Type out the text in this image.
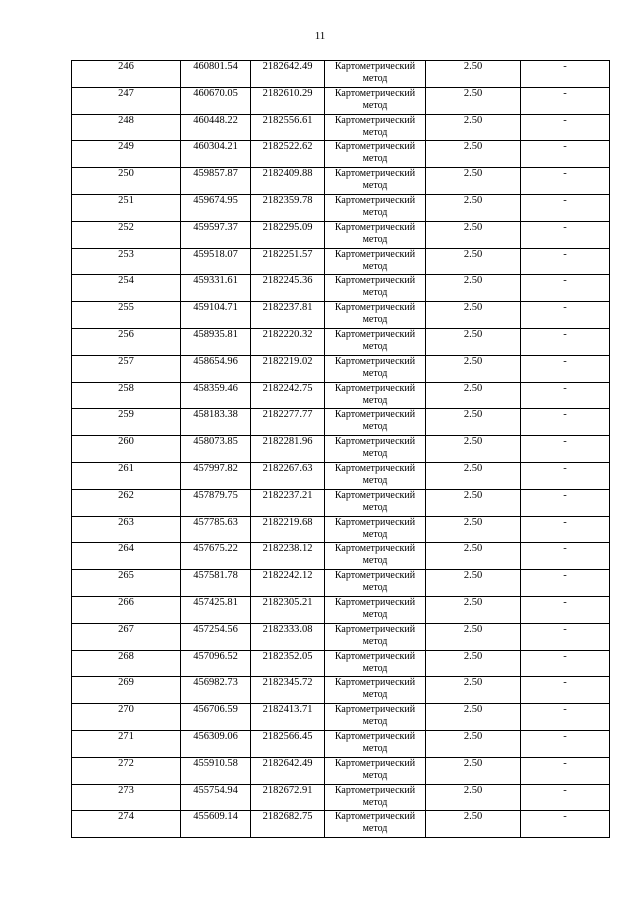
11
246	460801.54	2182642.49	Картометрический метод	2.50	-
247	460670.05	2182610.29	Картометрический метод	2.50	-
248	460448.22	2182556.61	Картометрический метод	2.50	-
249	460304.21	2182522.62	Картометрический метод	2.50	-
250	459857.87	2182409.88	Картометрический метод	2.50	-
251	459674.95	2182359.78	Картометрический метод	2.50	-
252	459597.37	2182295.09	Картометрический метод	2.50	-
253	459518.07	2182251.57	Картометрический метод	2.50	-
254	459331.61	2182245.36	Картометрический метод	2.50	-
255	459104.71	2182237.81	Картометрический метод	2.50	-
256	458935.81	2182220.32	Картометрический метод	2.50	-
257	458654.96	2182219.02	Картометрический метод	2.50	-
258	458359.46	2182242.75	Картометрический метод	2.50	-
259	458183.38	2182277.77	Картометрический метод	2.50	-
260	458073.85	2182281.96	Картометрический метод	2.50	-
261	457997.82	2182267.63	Картометрический метод	2.50	-
262	457879.75	2182237.21	Картометрический метод	2.50	-
263	457785.63	2182219.68	Картометрический метод	2.50	-
264	457675.22	2182238.12	Картометрический метод	2.50	-
265	457581.78	2182242.12	Картометрический метод	2.50	-
266	457425.81	2182305.21	Картометрический метод	2.50	-
267	457254.56	2182333.08	Картометрический метод	2.50	-
268	457096.52	2182352.05	Картометрический метод	2.50	-
269	456982.73	2182345.72	Картометрический метод	2.50	-
270	456706.59	2182413.71	Картометрический метод	2.50	-
271	456309.06	2182566.45	Картометрический метод	2.50	-
272	455910.58	2182642.49	Картометрический метод	2.50	-
273	455754.94	2182672.91	Картометрический метод	2.50	-
274	455609.14	2182682.75	Картометрический метод	2.50	-
